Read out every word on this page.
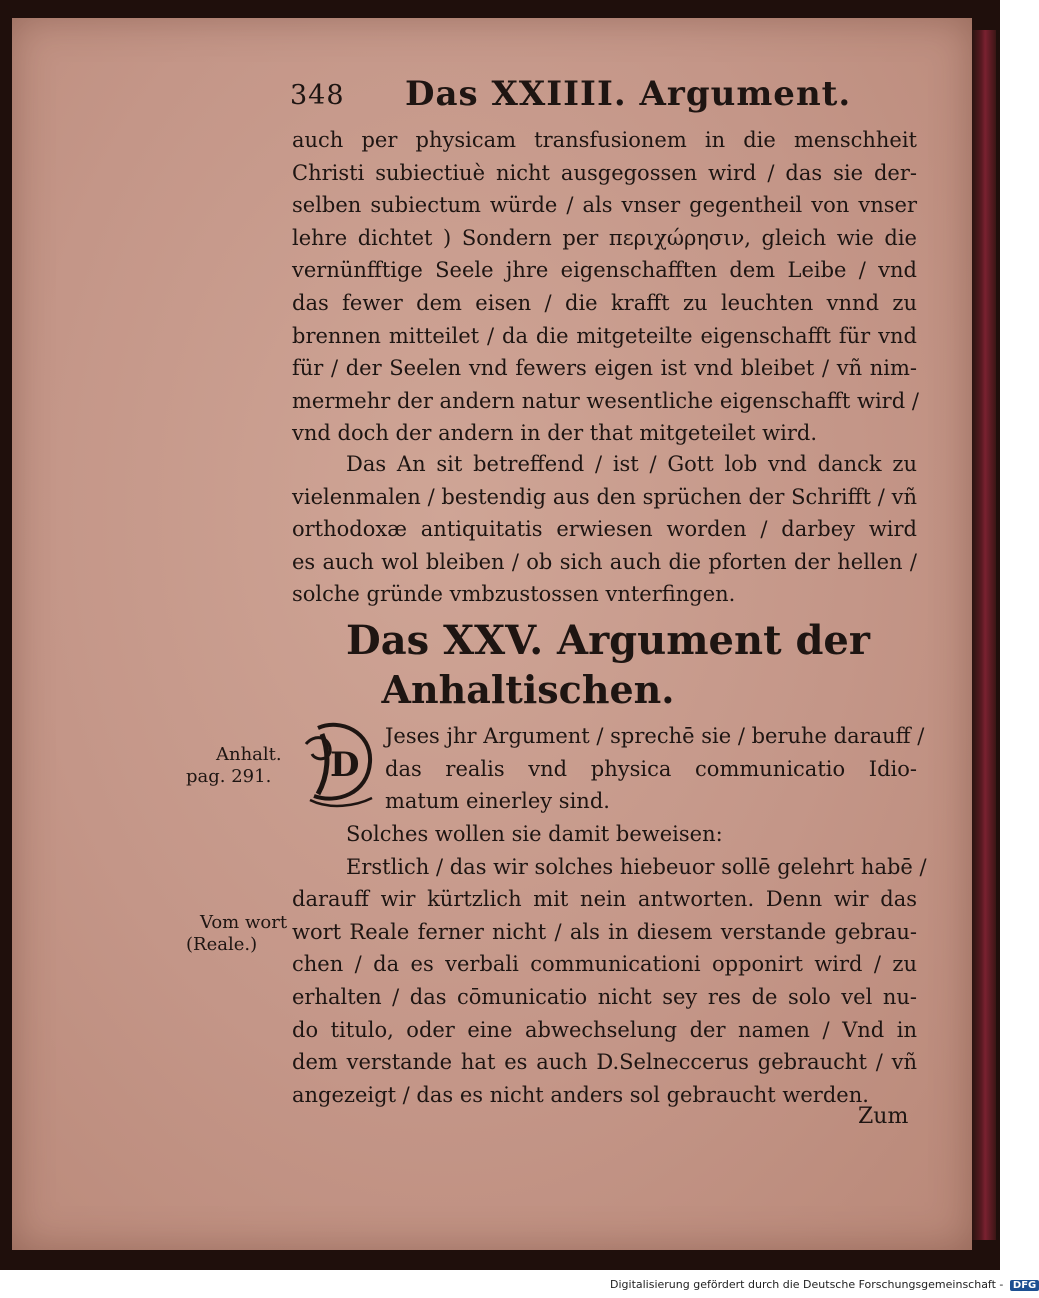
348 Das XXIIII. Argument.
auch per physicam transfusionem in die menschheit
Christi subiectiuè nicht ausgegossen wird / das sie der-
selben subiectum würde / als vnser gegentheil von vnser
lehre dichtet ) Sondern per περιχώρησιν, gleich wie die
vernünfftige Seele jhre eigenschafften dem Leibe / vnd
das fewer dem eisen / die krafft zu leuchten vnnd zu
brennen mitteilet / da die mitgeteilte eigenschafft für vnd
für / der Seelen vnd fewers eigen ist vnd bleibet / vñ nim-
mermehr der andern natur wesentliche eigenschafft wird /
vnd doch der andern in der that mitgeteilet wird.
Das An sit betreffend / ist / Gott lob vnd danck zu
vielenmalen / bestendig aus den sprüchen der Schrifft / vñ
orthodoxæ antiquitatis erwiesen worden / darbey wird
es auch wol bleiben / ob sich auch die pforten der hellen /
solche gründe vmbzustossen vnterfingen.
Das XXV. Argument der
Anhaltischen.
D
Jeses jhr Argument / sprechē sie / beruhe darauff /
das realis vnd physica communicatio Idio-
matum einerley sind.
Solches wollen sie damit beweisen:
Erstlich / das wir solches hiebeuor sollē gelehrt habē /
darauff wir kürtzlich mit nein antworten. Denn wir das
wort Reale ferner nicht / als in diesem verstande gebrau-
chen / da es verbali communicationi opponirt wird / zu
erhalten / das cōmunicatio nicht sey res de solo vel nu-
do titulo, oder eine abwechselung der namen / Vnd in
dem verstande hat es auch D.Selneccerus gebraucht / vñ
angezeigt / das es nicht anders sol gebraucht werden.
Anhalt.
pag. 291.
Vom wort
(Reale.)
Zum
Digitalisierung gefördert durch die Deutsche Forschungsgemeinschaft - DFG
